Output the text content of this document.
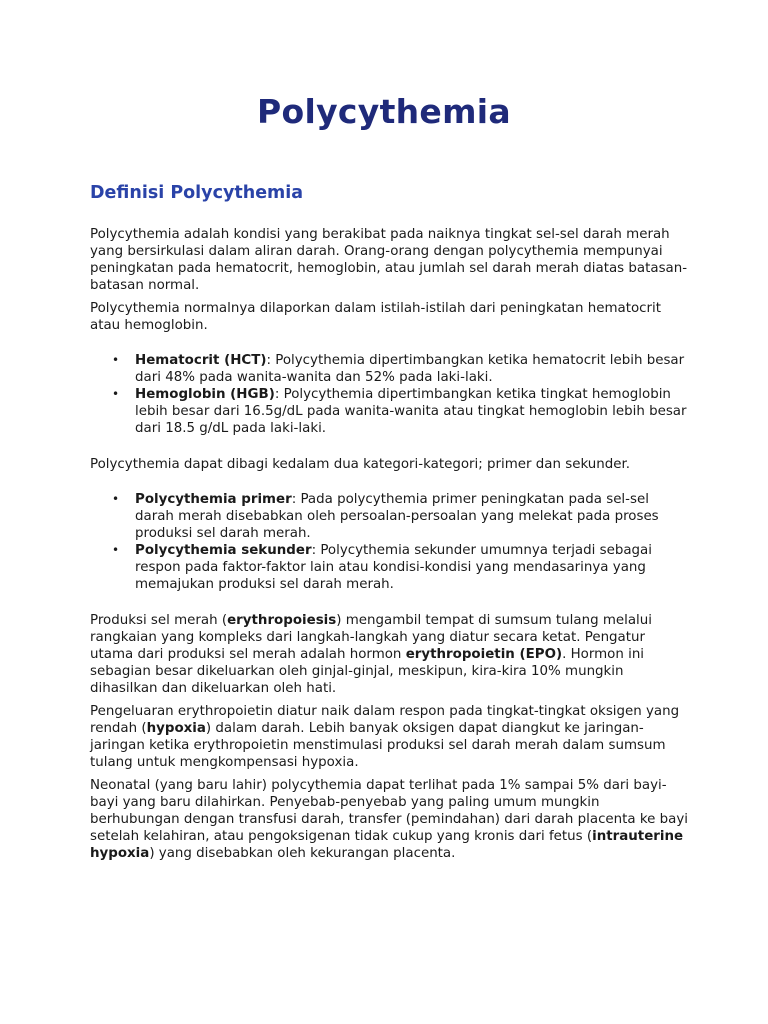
Polycythemia
Definisi Polycythemia

Polycythemia adalah kondisi yang berakibat pada naiknya tingkat sel-sel darah merah yang bersirkulasi dalam aliran darah. Orang-orang dengan polycythemia mempunyai peningkatan pada hematocrit, hemoglobin, atau jumlah sel darah merah diatas batasan-batasan normal.

Polycythemia normalnya dilaporkan dalam istilah-istilah dari peningkatan hematocrit atau hemoglobin.

• Hematocrit (HCT): Polycythemia dipertimbangkan ketika hematocrit lebih besar dari 48% pada wanita-wanita dan 52% pada laki-laki.
• Hemoglobin (HGB): Polycythemia dipertimbangkan ketika tingkat hemoglobin lebih besar dari 16.5g/dL pada wanita-wanita atau tingkat hemoglobin lebih besar dari 18.5 g/dL pada laki-laki.

Polycythemia dapat dibagi kedalam dua kategori-kategori; primer dan sekunder.

• Polycythemia primer: Pada polycythemia primer peningkatan pada sel-sel darah merah disebabkan oleh persoalan-persoalan yang melekat pada proses produksi sel darah merah.
• Polycythemia sekunder: Polycythemia sekunder umumnya terjadi sebagai respon pada faktor-faktor lain atau kondisi-kondisi yang mendasarinya yang memajukan produksi sel darah merah.

Produksi sel merah (erythropoiesis) mengambil tempat di sumsum tulang melalui rangkaian yang kompleks dari langkah-langkah yang diatur secara ketat. Pengatur utama dari produksi sel merah adalah hormon erythropoietin (EPO). Hormon ini sebagian besar dikeluarkan oleh ginjal-ginjal, meskipun, kira-kira 10% mungkin dihasilkan dan dikeluarkan oleh hati.

Pengeluaran erythropoietin diatur naik dalam respon pada tingkat-tingkat oksigen yang rendah (hypoxia) dalam darah. Lebih banyak oksigen dapat diangkut ke jaringan-jaringan ketika erythropoietin menstimulasi produksi sel darah merah dalam sumsum tulang untuk mengkompensasi hypoxia.

Neonatal (yang baru lahir) polycythemia dapat terlihat pada 1% sampai 5% dari bayi-bayi yang baru dilahirkan. Penyebab-penyebab yang paling umum mungkin berhubungan dengan transfusi darah, transfer (pemindahan) dari darah placenta ke bayi setelah kelahiran, atau pengoksigenan tidak cukup yang kronis dari fetus (intrauterine hypoxia) yang disebabkan oleh kekurangan placenta.
